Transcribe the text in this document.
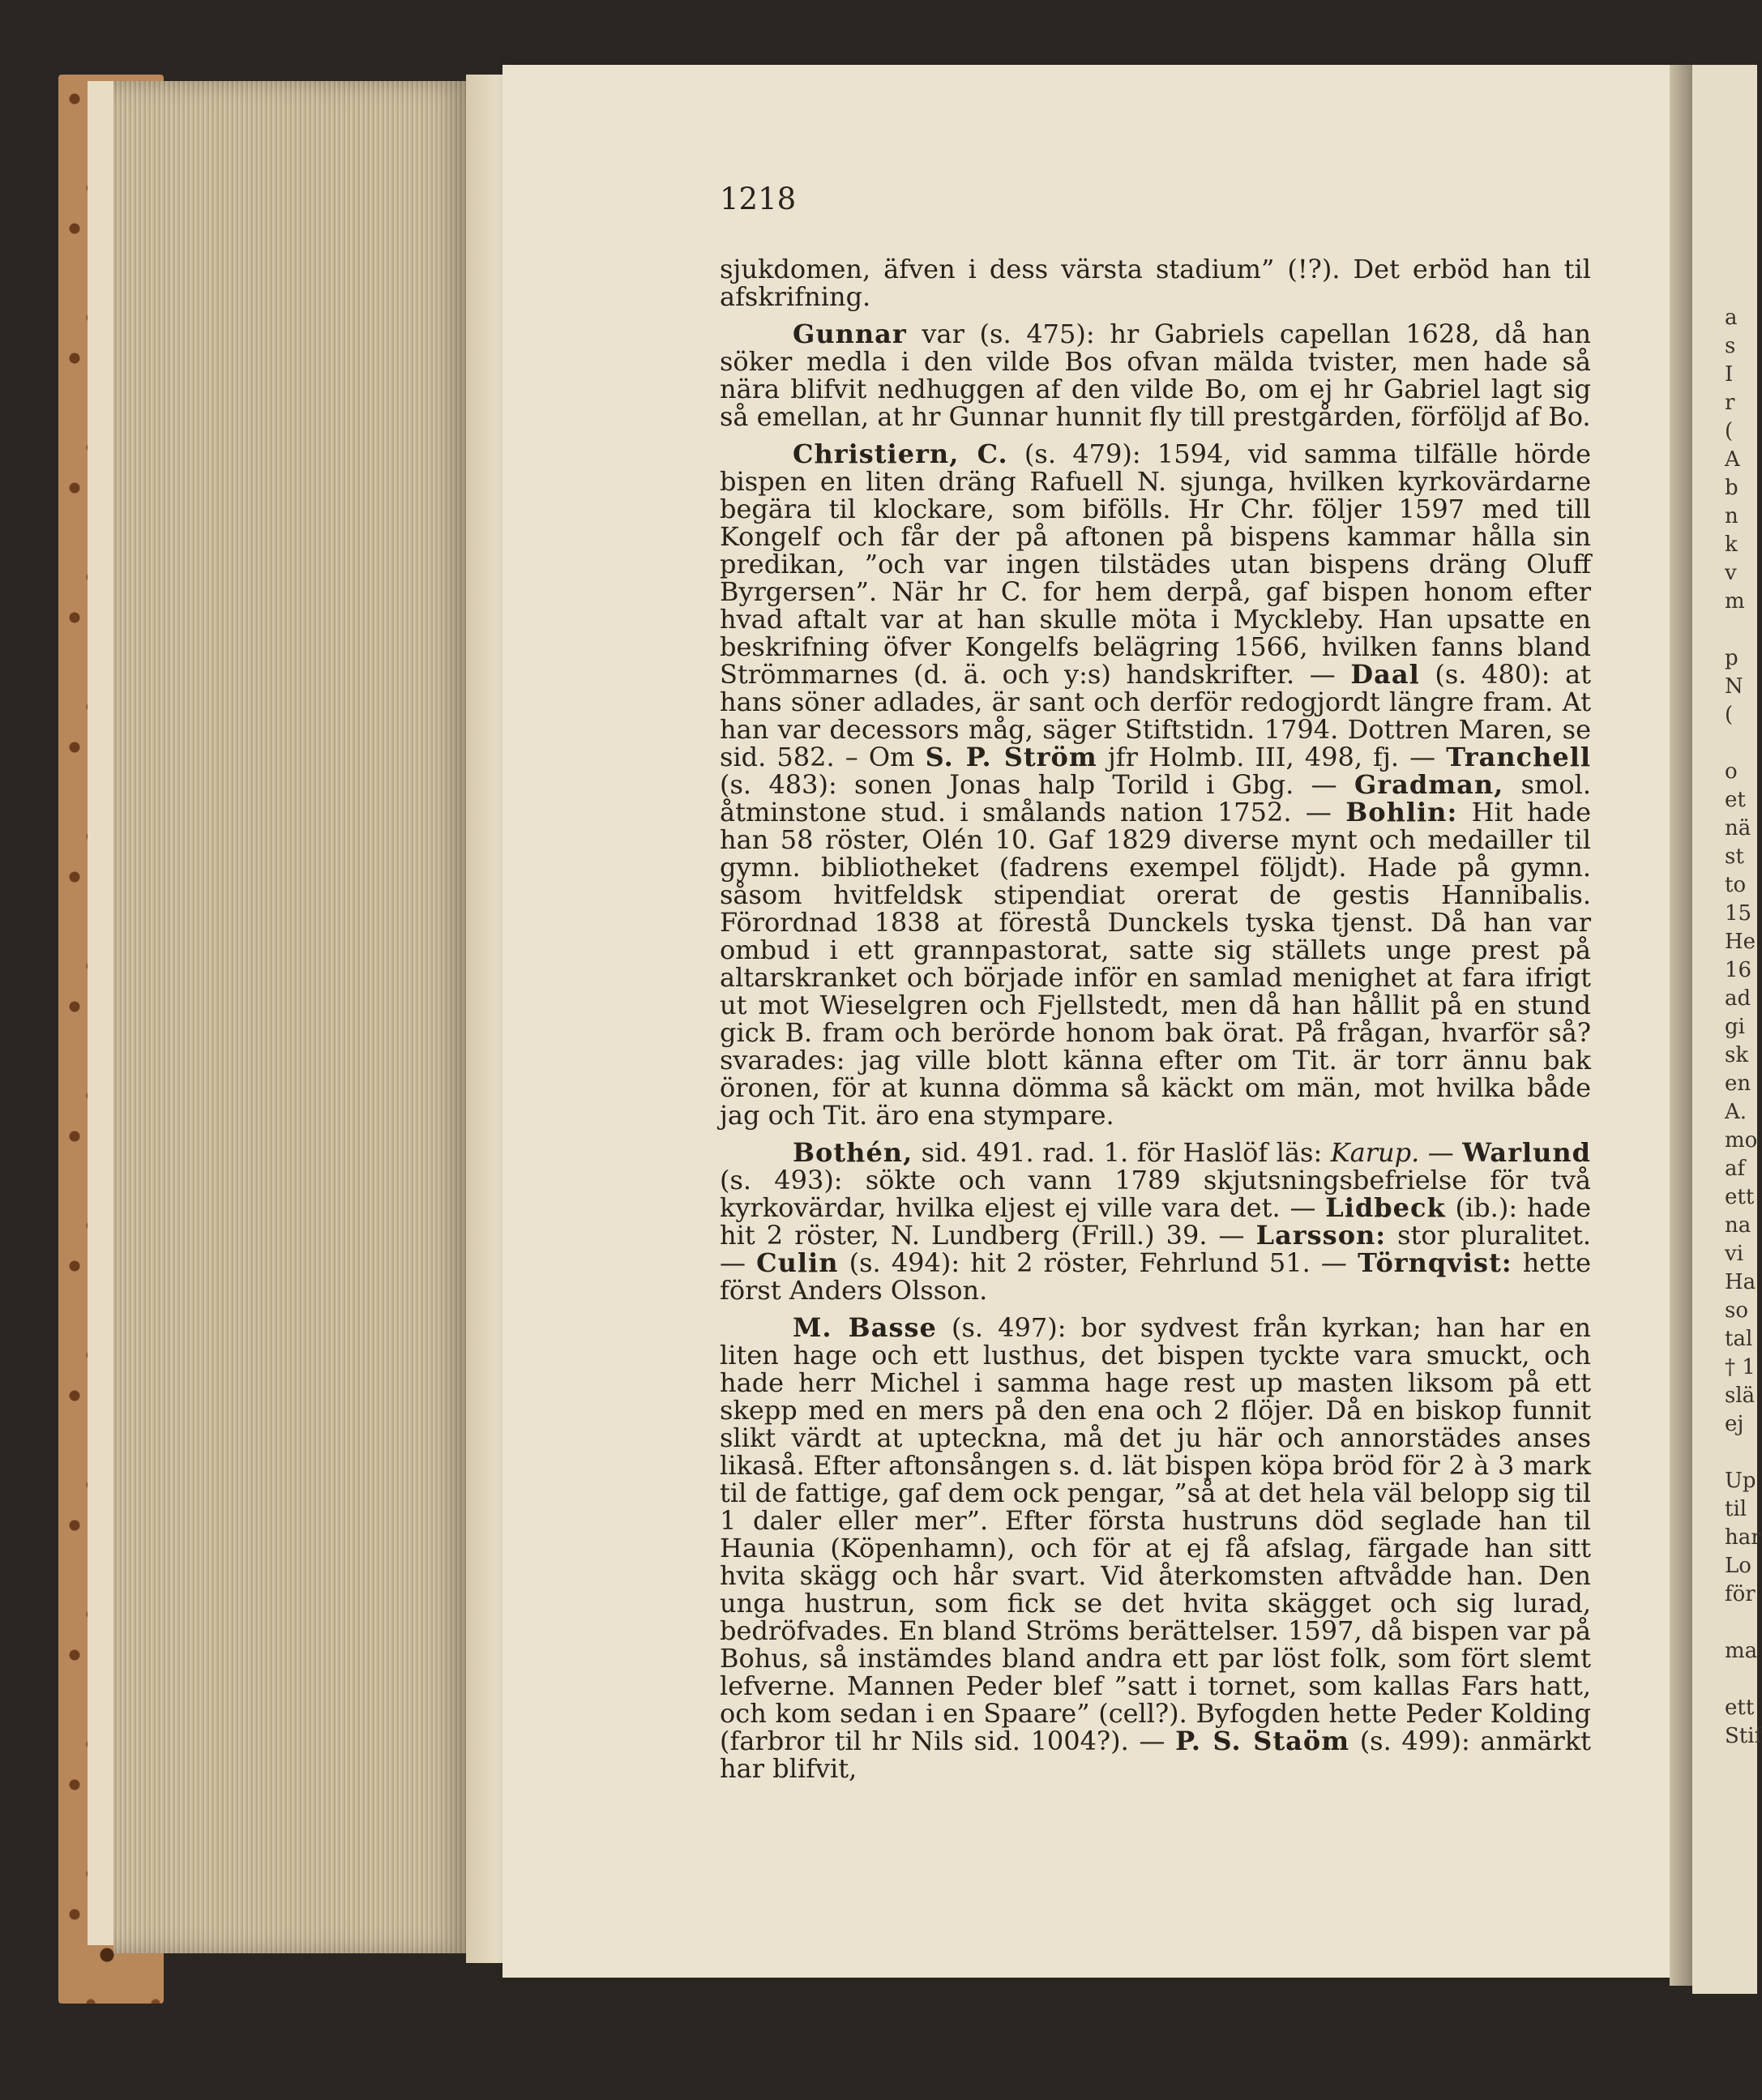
a
s
I
r
(
A
b
n
k
v
m

p
N
(

o
et
nä
st
to
15
He
16
ad
gi
sk
en
A.
mo
af
ett
na
vi
Ha
so
tal
† 1
slä
ej

Up
til
har
Lo
för

ma

ett
Stif
1218

sjukdomen, äfven i dess värsta stadium” (!?). Det erböd han til afskrifning.

Gunnar var (s. 475): hr Gabriels capellan 1628, då han söker medla i den vilde Bos ofvan mälda tvister, men hade så nära blifvit nedhuggen af den vilde Bo, om ej hr Gabriel lagt sig så emellan, at hr Gunnar hunnit fly till prestgården, förföljd af Bo.

Christiern, C. (s. 479): 1594, vid samma tilfälle hörde bispen en liten dräng Rafuell N. sjunga, hvilken kyrkovärdarne begära til klockare, som bifölls. Hr Chr. följer 1597 med till Kongelf och får der på aftonen på bispens kammar hålla sin predikan, ”och var ingen tilstädes utan bispens dräng Oluff Byrgersen”. När hr C. for hem derpå, gaf bispen honom efter hvad aftalt var at han skulle möta i Myckleby. Han upsatte en beskrifning öfver Kongelfs belägring 1566, hvilken fanns bland Strömmarnes (d. ä. och y:s) handskrifter. — Daal (s. 480): at hans söner adlades, är sant och derför redogjordt längre fram. At han var decessors måg, säger Stiftstidn. 1794. Dottren Maren, se sid. 582. – Om S. P. Ström jfr Holmb. III, 498, fj. — Tranchell (s. 483): sonen Jonas halp Torild i Gbg. — Gradman, smol. åtminstone stud. i smålands nation 1752. — Bohlin: Hit hade han 58 röster, Olén 10. Gaf 1829 diverse mynt och medailler til gymn. bibliotheket (fadrens exempel följdt). Hade på gymn. såsom hvitfeldsk stipendiat orerat de gestis Hannibalis. Förordnad 1838 at förestå Dunckels tyska tjenst. Då han var ombud i ett grannpastorat, satte sig ställets unge prest på altarskranket och började inför en samlad menighet at fara ifrigt ut mot Wieselgren och Fjellstedt, men då han hållit på en stund gick B. fram och berörde honom bak örat. På frågan, hvarför så? svarades: jag ville blott känna efter om Tit. är torr ännu bak öronen, för at kunna dömma så käckt om män, mot hvilka både jag och Tit. äro ena stympare.

Bothén, sid. 491. rad. 1. för Haslöf läs: Karup. — Warlund (s. 493): sökte och vann 1789 skjutsningsbefrielse för två kyrkovärdar, hvilka eljest ej ville vara det. — Lidbeck (ib.): hade hit 2 röster, N. Lundberg (Frill.) 39. — Larsson: stor pluralitet. — Culin (s. 494): hit 2 röster, Fehrlund 51. — Törnqvist: hette först Anders Olsson.

M. Basse (s. 497): bor sydvest från kyrkan; han har en liten hage och ett lusthus, det bispen tyckte vara smuckt, och hade herr Michel i samma hage rest up masten liksom på ett skepp med en mers på den ena och 2 flöjer. Då en biskop funnit slikt värdt at upteckna, må det ju här och annorstädes anses likaså. Efter aftonsången s. d. lät bispen köpa bröd för 2 à 3 mark til de fattige, gaf dem ock pengar, ”så at det hela väl belopp sig til 1 daler eller mer”. Efter första hustruns död seglade han til Haunia (Köpenhamn), och för at ej få afslag, färgade han sitt hvita skägg och hår svart. Vid återkomsten aftvådde han. Den unga hustrun, som fick se det hvita skägget och sig lurad, bedröfvades. En bland Ströms berättelser. 1597, då bispen var på Bohus, så instämdes bland andra ett par löst folk, som fört slemt lefverne. Mannen Peder blef ”satt i tornet, som kallas Fars hatt, och kom sedan i en Spaare” (cell?). Byfogden hette Peder Kolding (farbror til hr Nils sid. 1004?). — P. S. Staöm (s. 499): anmärkt har blifvit,
